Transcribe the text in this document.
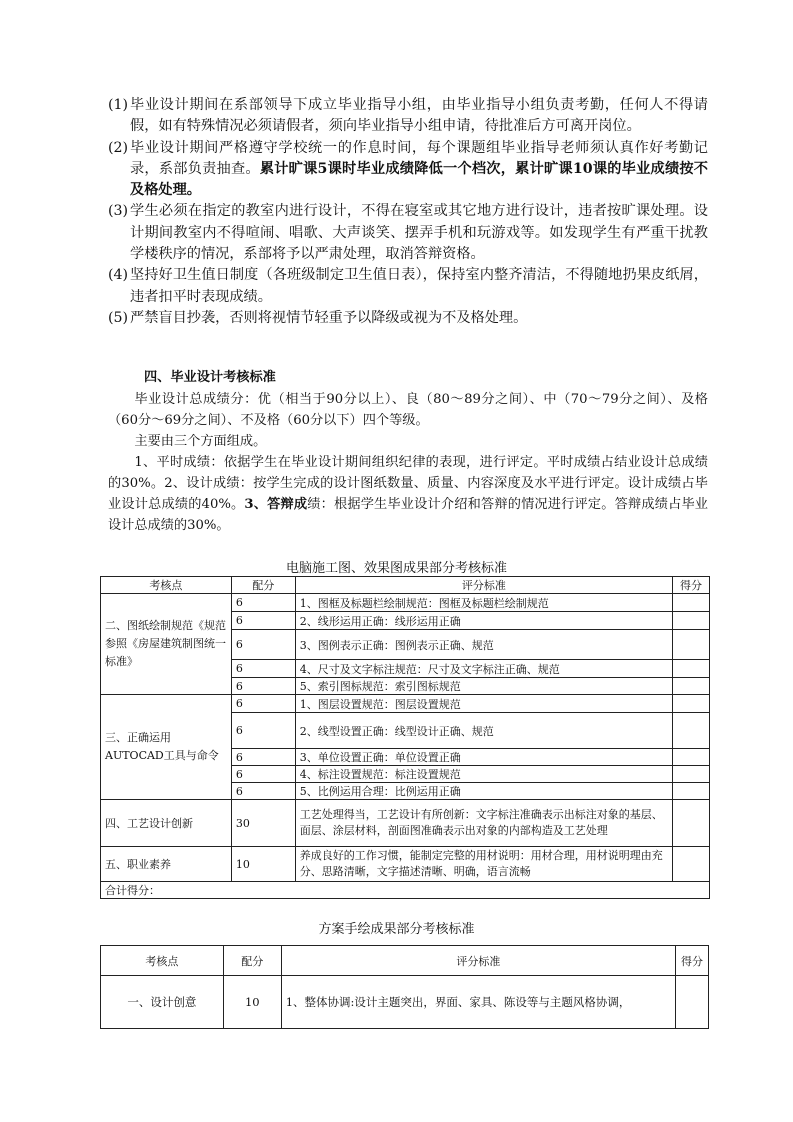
(1) 毕业设计期间在系部领导下成立毕业指导小组，由毕业指导小组负责考勤，任何人不得请假，如有特殊情况必须请假者，须向毕业指导小组申请，待批准后方可离开岗位。
(2) 毕业设计期间严格遵守学校统一的作息时间，每个课题组毕业指导老师须认真作好考勤记录，系部负责抽查。累计旷课5课时毕业成绩降低一个档次，累计旷课10课的毕业成绩按不及格处理。
(3) 学生必须在指定的教室内进行设计，不得在寝室或其它地方进行设计，违者按旷课处理。设计期间教室内不得喧闹、唱歌、大声谈笑、摆弄手机和玩游戏等。如发现学生有严重干扰教学楼秩序的情况，系部将予以严肃处理，取消答辩资格。
(4) 坚持好卫生值日制度（各班级制定卫生值日表），保持室内整齐清洁，不得随地扔果皮纸屑，违者扣平时表现成绩。
(5) 严禁盲目抄袭，否则将视情节轻重予以降级或视为不及格处理。
四、毕业设计考核标准

毕业设计总成绩分：优（相当于90分以上）、良（80～89分之间）、中（70～79分之间）、及格（60分～69分之间）、不及格（60分以下）四个等级。

主要由三个方面组成。

1、平时成绩：依据学生在毕业设计期间组织纪律的表现，进行评定。平时成绩占结业设计总成绩的30%。2、设计成绩：按学生完成的设计图纸数量、质量、内容深度及水平进行评定。设计成绩占毕业设计总成绩的40%。3、答辩成绩：根据学生毕业设计介绍和答辩的情况进行评定。答辩成绩占毕业设计总成绩的30%。

电脑施工图、效果图成果部分考核标准
考核点	配分	评分标准	得分
二、图纸绘制规范《规范参照《房屋建筑制图统一标准》	6	1、图框及标题栏绘制规范：图框及标题栏绘制规范	
	6	2、线形运用正确：线形运用正确	
	6	3、图例表示正确：图例表示正确、规范	
	6	4、尺寸及文字标注规范：尺寸及文字标注正确、规范	
	6	5、索引图标规范：索引图标规范	
三、正确运用AUTOCAD工具与命令	6	1、图层设置规范：图层设置规范	
	6	2、线型设置正确：线型设计正确、规范	
	6	3、单位设置正确：单位设置正确	
	6	4、标注设置规范：标注设置规范	
	6	5、比例运用合理：比例运用正确	
四、工艺设计创新	30	工艺处理得当，工艺设计有所创新：文字标注准确表示出标注对象的基层、面层、涂层材料，剖面图准确表示出对象的内部构造及工艺处理	
五、职业素养	10	养成良好的工作习惯，能制定完整的用材说明：用材合理，用材说明理由充分、思路清晰，文字描述清晰、明确，语言流畅	
合计得分：			
方案手绘成果部分考核标准
考核点	配分	评分标准	得分
一、设计创意	10	1、整体协调:设计主题突出，界面、家具、陈设等与主题风格协调，	
